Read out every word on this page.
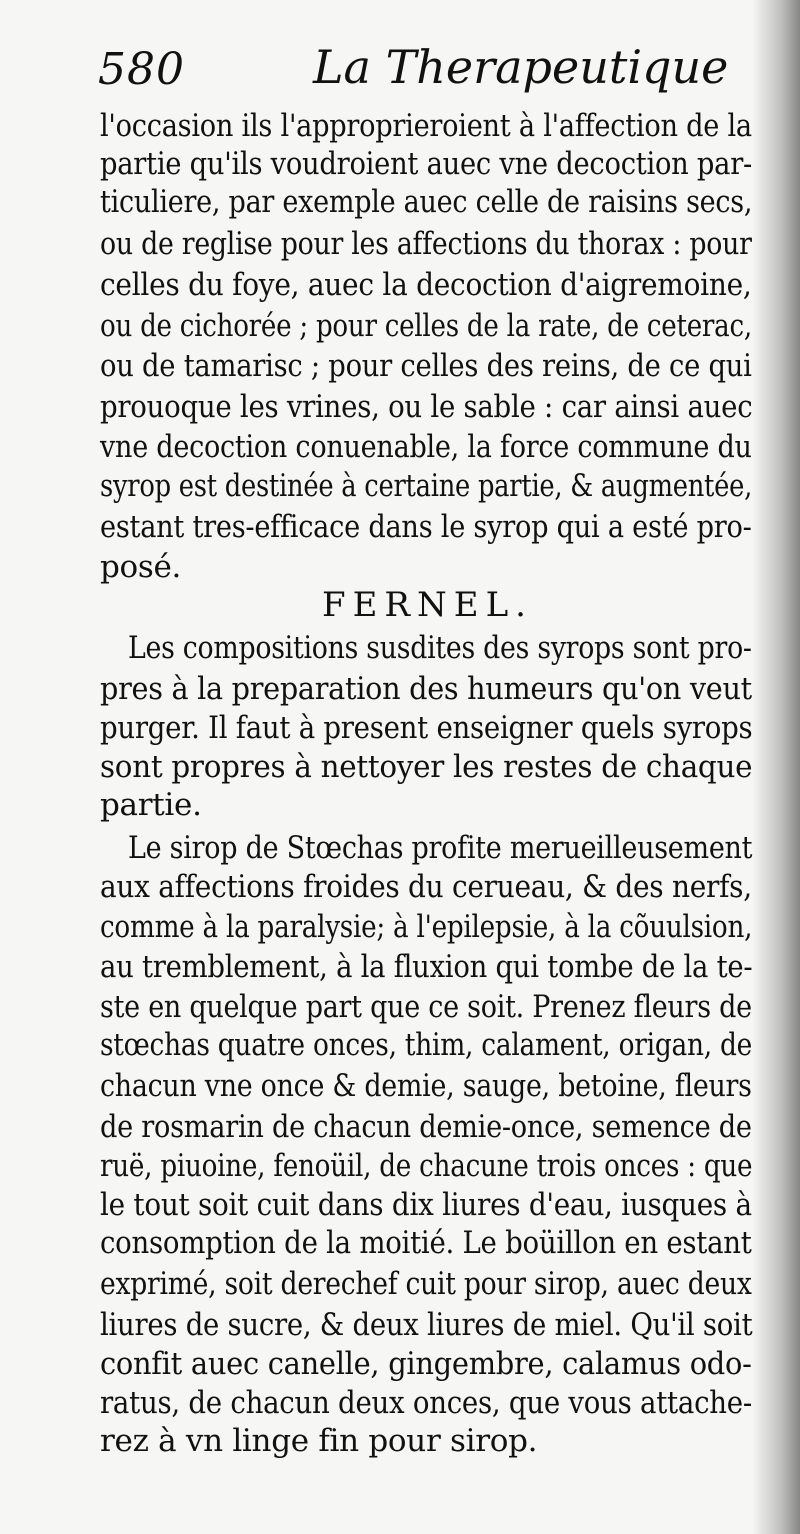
580	La Therapeutique
l'occasion ils l'approprieroient à l'affection de la
partie qu'ils voudroient auec vne decoction par-
ticuliere, par exemple auec celle de raisins secs,
ou de reglise pour les affections du thorax : pour
celles du foye, auec la decoction d'aigremoine,
ou de cichorée ; pour celles de la rate, de ceterac,
ou de tamarisc ; pour celles des reins, de ce qui
prouoque les vrines, ou le sable : car ainsi auec
vne decoction conuenable, la force commune du
syrop est destinée à certaine partie, & augmentée,
estant tres-efficace dans le syrop qui a esté pro-
posé.
FERNEL.
Les compositions susdites des syrops sont pro-
pres à la preparation des humeurs qu'on veut
purger. Il faut à present enseigner quels syrops
sont propres à nettoyer les restes de chaque
partie.
Le sirop de Stœchas profite merueilleusement
aux affections froides du cerueau, & des nerfs,
comme à la paralysie; à l'epilepsie, à la cõuulsion,
au tremblement, à la fluxion qui tombe de la te-
ste en quelque part que ce soit. Prenez fleurs de
stœchas quatre onces, thim, calament, origan, de
chacun vne once & demie, sauge, betoine, fleurs
de rosmarin de chacun demie-once, semence de
ruë, piuoine, fenoüil, de chacune trois onces : que
le tout soit cuit dans dix liures d'eau, iusques à
consomption de la moitié. Le boüillon en estant
exprimé, soit derechef cuit pour sirop, auec deux
liures de sucre, & deux liures de miel. Qu'il soit
confit auec canelle, gingembre, calamus odo-
ratus, de chacun deux onces, que vous attache-
rez à vn linge fin pour sirop.
